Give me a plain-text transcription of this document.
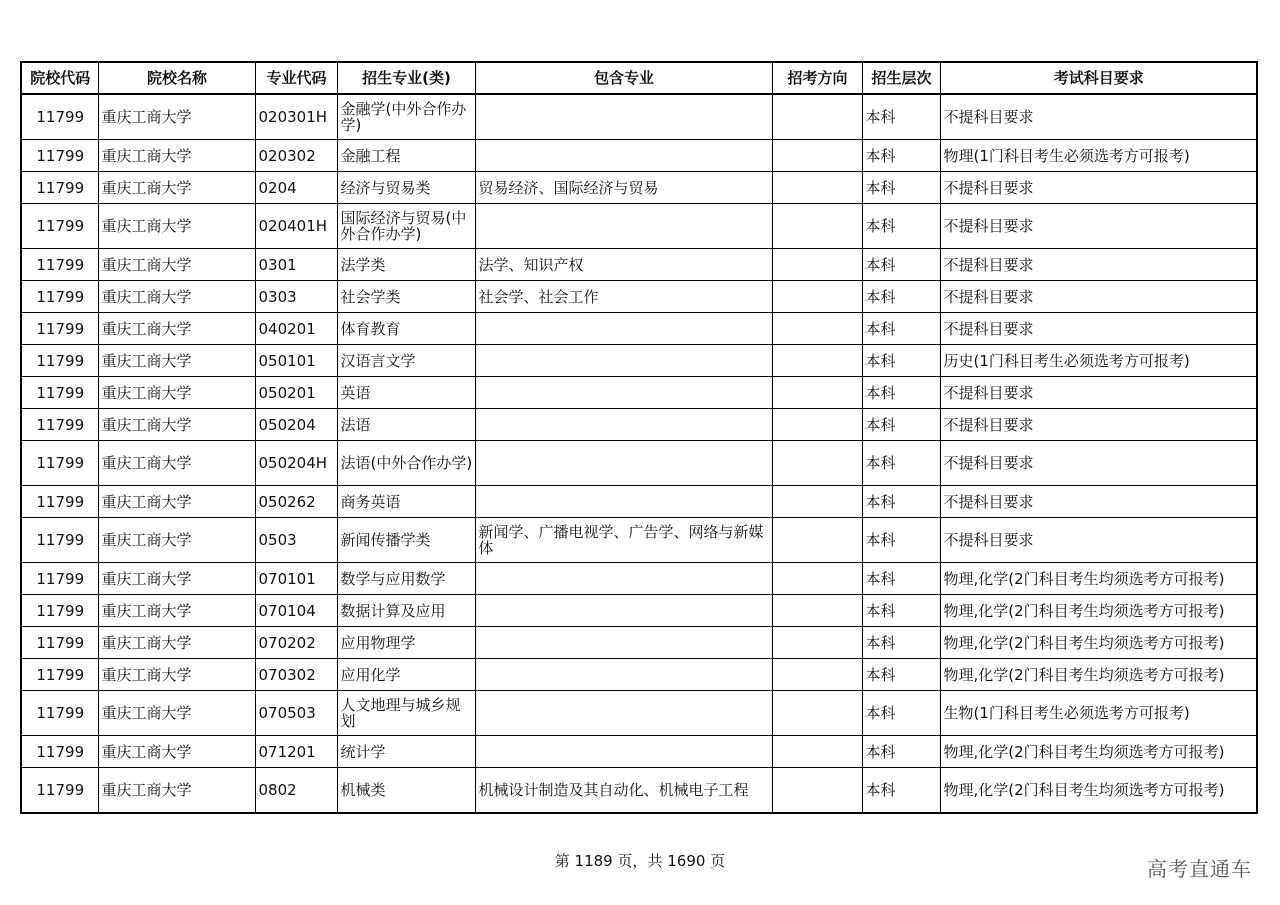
院校代码	院校名称	专业代码	招生专业(类)	包含专业	招考方向	招生层次	考试科目要求
11799	重庆工商大学	020301H	金融学(中外合作办学)			本科	不提科目要求
11799	重庆工商大学	020302	金融工程			本科	物理(1门科目考生必须选考方可报考)
11799	重庆工商大学	0204	经济与贸易类	贸易经济、国际经济与贸易		本科	不提科目要求
11799	重庆工商大学	020401H	国际经济与贸易(中外合作办学)			本科	不提科目要求
11799	重庆工商大学	0301	法学类	法学、知识产权		本科	不提科目要求
11799	重庆工商大学	0303	社会学类	社会学、社会工作		本科	不提科目要求
11799	重庆工商大学	040201	体育教育			本科	不提科目要求
11799	重庆工商大学	050101	汉语言文学			本科	历史(1门科目考生必须选考方可报考)
11799	重庆工商大学	050201	英语			本科	不提科目要求
11799	重庆工商大学	050204	法语			本科	不提科目要求
11799	重庆工商大学	050204H	法语(中外合作办学)			本科	不提科目要求
11799	重庆工商大学	050262	商务英语			本科	不提科目要求
11799	重庆工商大学	0503	新闻传播学类	新闻学、广播电视学、广告学、网络与新媒体		本科	不提科目要求
11799	重庆工商大学	070101	数学与应用数学			本科	物理,化学(2门科目考生均须选考方可报考)
11799	重庆工商大学	070104	数据计算及应用			本科	物理,化学(2门科目考生均须选考方可报考)
11799	重庆工商大学	070202	应用物理学			本科	物理,化学(2门科目考生均须选考方可报考)
11799	重庆工商大学	070302	应用化学			本科	物理,化学(2门科目考生均须选考方可报考)
11799	重庆工商大学	070503	人文地理与城乡规划			本科	生物(1门科目考生必须选考方可报考)
11799	重庆工商大学	071201	统计学			本科	物理,化学(2门科目考生均须选考方可报考)
11799	重庆工商大学	0802	机械类	机械设计制造及其自动化、机械电子工程		本科	物理,化学(2门科目考生均须选考方可报考)
第 1189 页，共 1690 页	高考直通车
